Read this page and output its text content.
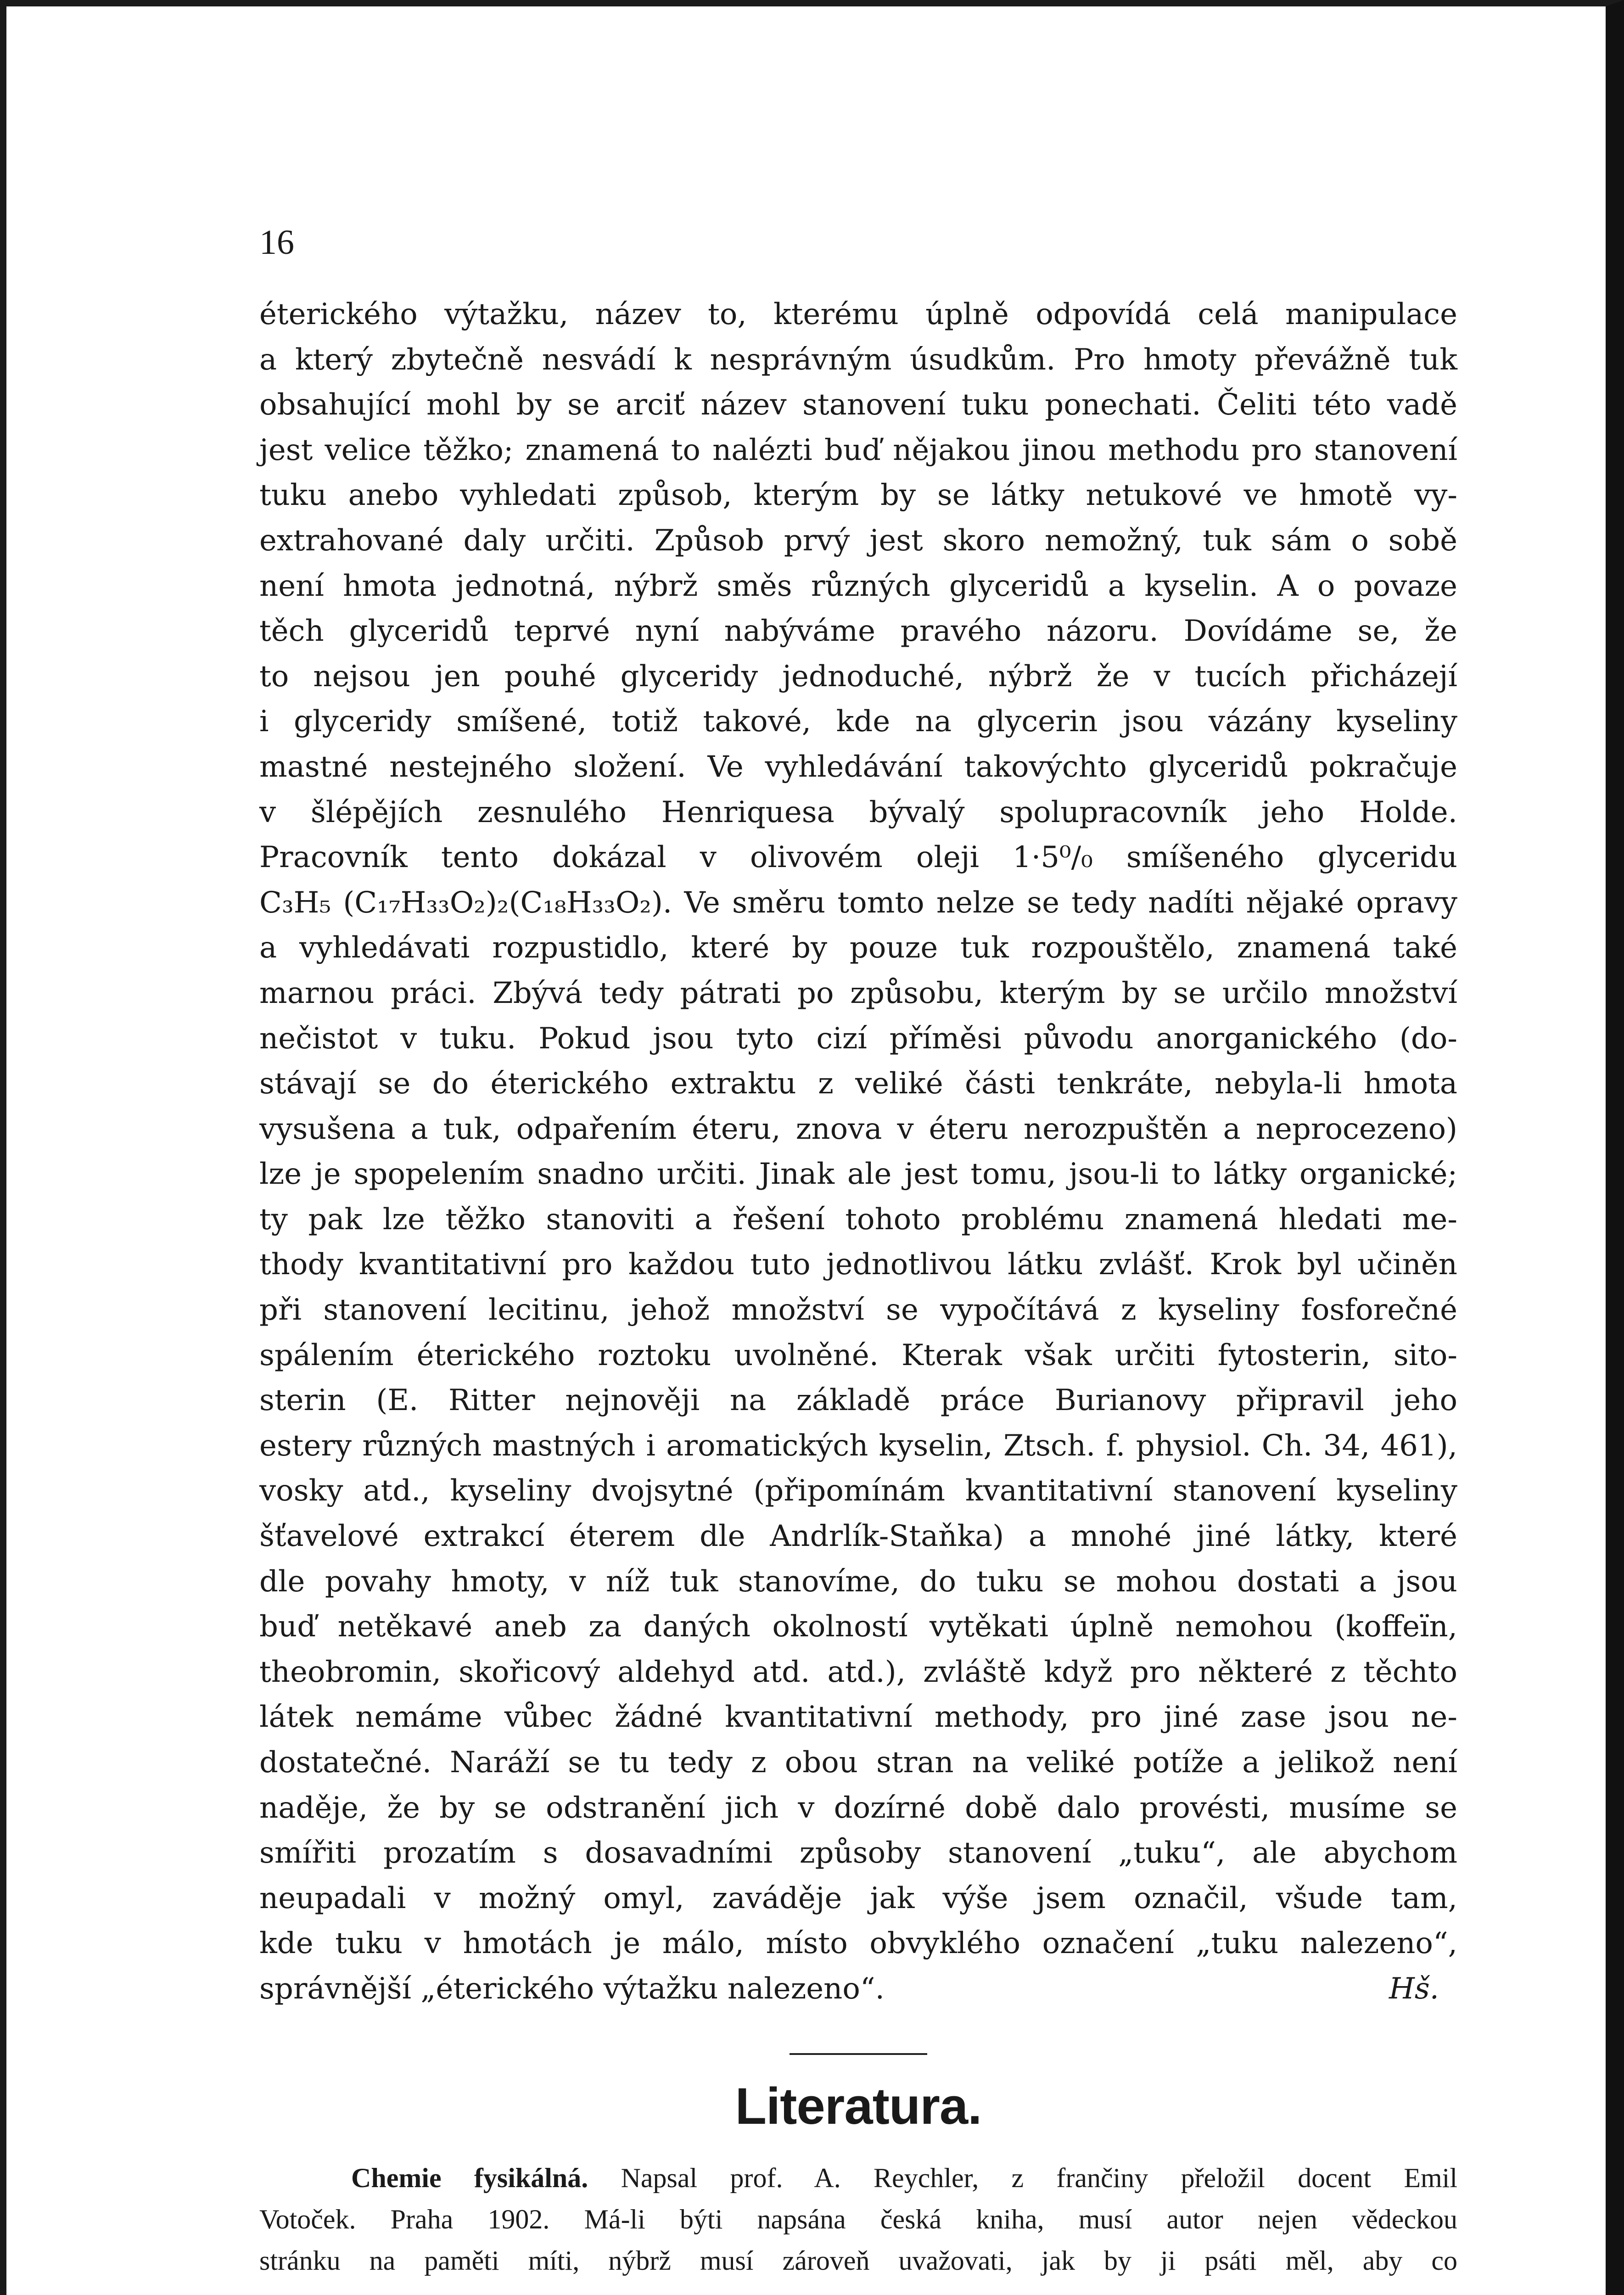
16
éterického výtažku, název to, kterému úplně odpovídá celá manipulace
a který zbytečně nesvádí k nesprávným úsudkům. Pro hmoty převážně tuk
obsahující mohl by se arciť název stanovení tuku ponechati. Čeliti této vadě
jest velice těžko; znamená to nalézti buď nějakou jinou methodu pro stanovení
tuku anebo vyhledati způsob, kterým by se látky netukové ve hmotě vy-
extrahované daly určiti. Způsob prvý jest skoro nemožný, tuk sám o sobě
není hmota jednotná, nýbrž směs různých glyceridů a kyselin. A o povaze
těch glyceridů teprvé nyní nabýváme pravého názoru. Dovídáme se, že
to nejsou jen pouhé glyceridy jednoduché, nýbrž že v tucích přicházejí
i glyceridy smíšené, totiž takové, kde na glycerin jsou vázány kyseliny
mastné nestejného složení. Ve vyhledávání takovýchto glyceridů pokračuje
v šlépějích zesnulého Henriquesa bývalý spolupracovník jeho Holde.
Pracovník tento dokázal v olivovém oleji 1·5⁰/₀ smíšeného glyceridu
C₃H₅ (C₁₇H₃₃O₂)₂(C₁₈H₃₃O₂). Ve směru tomto nelze se tedy nadíti nějaké opravy
a vyhledávati rozpustidlo, které by pouze tuk rozpouštělo, znamená také
marnou práci. Zbývá tedy pátrati po způsobu, kterým by se určilo množství
nečistot v tuku. Pokud jsou tyto cizí příměsi původu anorganického (do-
stávají se do éterického extraktu z veliké části tenkráte, nebyla-li hmota
vysušena a tuk, odpařením éteru, znova v éteru nerozpuštěn a neprocezeno)
lze je spopelením snadno určiti. Jinak ale jest tomu, jsou-li to látky organické;
ty pak lze těžko stanoviti a řešení tohoto problému znamená hledati me-
thody kvantitativní pro každou tuto jednotlivou látku zvlášť. Krok byl učiněn
při stanovení lecitinu, jehož množství se vypočítává z kyseliny fosforečné
spálením éterického roztoku uvolněné. Kterak však určiti fytosterin, sito-
sterin (E. Ritter nejnověji na základě práce Burianovy připravil jeho
estery různých mastných i aromatických kyselin, Ztsch. f. physiol. Ch. 34, 461),
vosky atd., kyseliny dvojsytné (připomínám kvantitativní stanovení kyseliny
šťavelové extrakcí éterem dle Andrlík-Staňka) a mnohé jiné látky, které
dle povahy hmoty, v níž tuk stanovíme, do tuku se mohou dostati a jsou
buď netěkavé aneb za daných okolností vytěkati úplně nemohou (koffeïn,
theobromin, skořicový aldehyd atd. atd.), zvláště když pro některé z těchto
látek nemáme vůbec žádné kvantitativní methody, pro jiné zase jsou ne-
dostatečné. Naráží se tu tedy z obou stran na veliké potíže a jelikož není
naděje, že by se odstranění jich v dozírné době dalo provésti, musíme se
smířiti prozatím s dosavadními způsoby stanovení „tuku“, ale abychom
neupadali v možný omyl, zaváděje jak výše jsem označil, všude tam,
kde tuku v hmotách je málo, místo obvyklého označení „tuku nalezeno“,
správnější „éterického výtažku nalezeno“.	Hš.
Literatura.
Chemie fysikálná. Napsal prof. A. Reychler, z frančiny přeložil docent Emil
Votoček. Praha 1902. Má-li býti napsána česká kniha, musí autor nejen vědeckou
stránku na paměti míti, nýbrž musí zároveň uvažovati, jak by ji psáti měl, aby co
